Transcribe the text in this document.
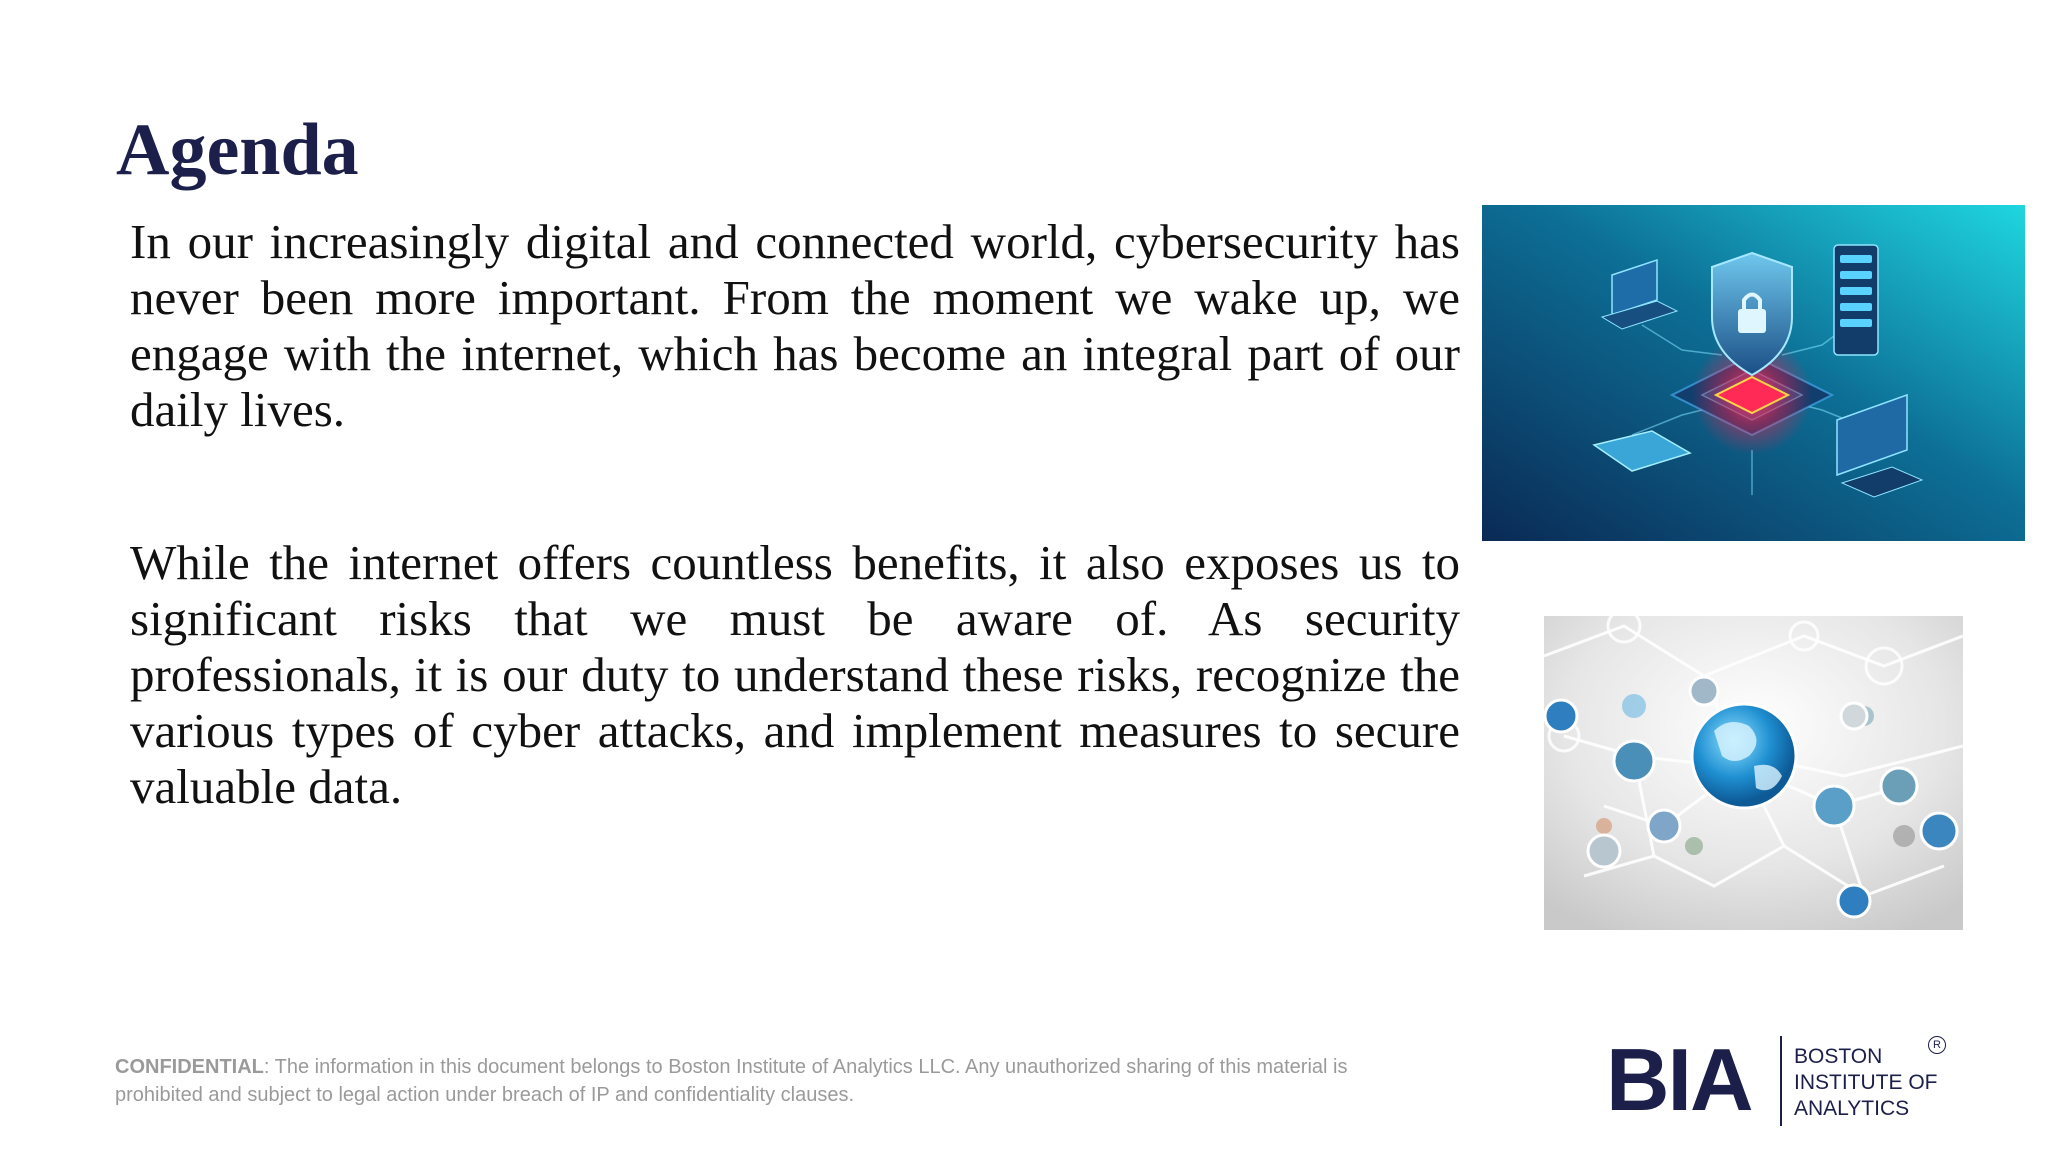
Agenda

In our increasingly digital and connected world, cybersecurity has never been more important. From the moment we wake up, we engage with the internet, which has become an integral part of our daily lives.

While the internet offers countless benefits, it also exposes us to significant risks that we must be aware of. As security professionals, it is our duty to understand these risks, recognize the various types of cyber attacks, and implement measures to secure valuable data.

CONFIDENTIAL: The information in this document belongs to Boston Institute of Analytics LLC. Any unauthorized sharing of this material is prohibited and subject to legal action under breach of IP and confidentiality clauses.	BIA BOSTON
INSTITUTE OF
ANALYTICS
R
